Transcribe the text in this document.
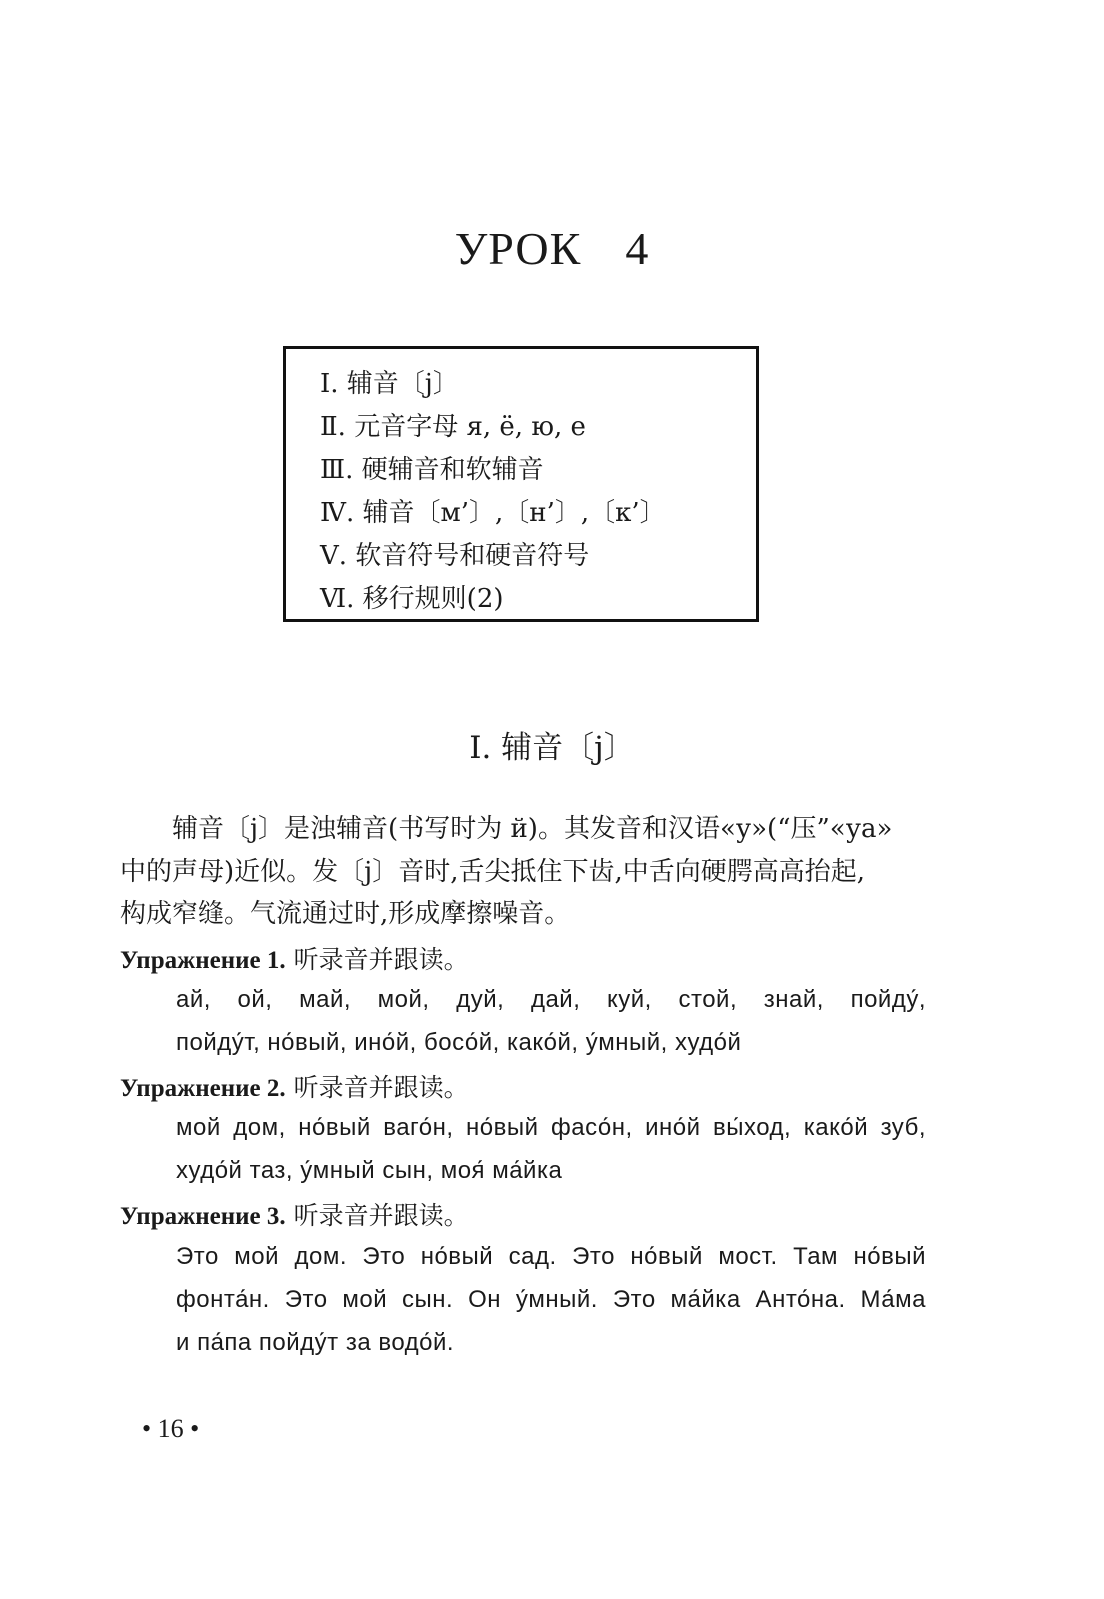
УРОК 4
Ⅰ. 辅音〔j〕
Ⅱ. 元音字母 я, ё, ю, е
Ⅲ. 硬辅音和软辅音
Ⅳ. 辅音〔м’〕,〔н’〕,〔к’〕
Ⅴ. 软音符号和硬音符号
Ⅵ. 移行规则(2)
Ⅰ. 辅音〔j〕
辅音〔j〕是浊辅音(书写时为 й)。其发音和汉语«у»(“压”«уа»
中的声母)近似。发〔j〕音时,舌尖抵住下齿,中舌向硬腭高高抬起,
构成窄缝。气流通过时,形成摩擦噪音。
Упражнение 1. 听录音并跟读。
ай, ой, май, мой, дуй, дай, куй, стой, знай, пойду́,
пойду́т, но́вый, ино́й, босо́й, како́й, у́мный, худо́й
Упражнение 2. 听录音并跟读。
мой дом, но́вый ваго́н, но́вый фасо́н, ино́й вы́ход, како́й зуб,
худо́й таз, у́мный сын, моя́ ма́йка
Упражнение 3. 听录音并跟读。
Это мой дом. Это но́вый сад. Это но́вый мост. Там но́вый
фонта́н. Это мой сын. Он у́мный. Это ма́йка Анто́на. Ма́ма
и па́па пойду́т за водо́й.
• 16 •
